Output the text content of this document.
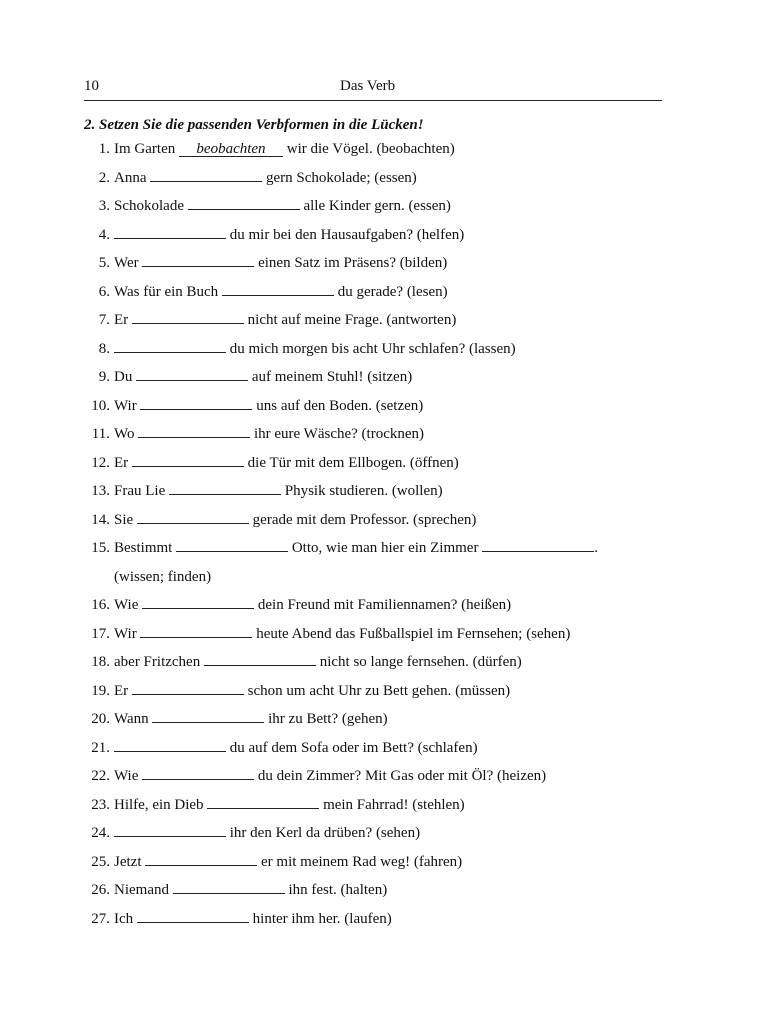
10	Das Verb
2. Setzen Sie die passenden Verbformen in die Lücken!
1. Im Garten beobachten wir die Vögel. (beobachten)
2. Anna	gern Schokolade; (essen)
3. Schokolade	alle Kinder gern. (essen)
4.	du mir bei den Hausaufgaben? (helfen)
5. Wer	einen Satz im Präsens? (bilden)
6. Was für ein Buch	du gerade? (lesen)
7. Er	nicht auf meine Frage. (antworten)
8.	du mich morgen bis acht Uhr schlafen? (lassen)
9. Du	auf meinem Stuhl! (sitzen)
10. Wir	uns auf den Boden. (setzen)
11. Wo	ihr eure Wäsche? (trocknen)
12. Er	die Tür mit dem Ellbogen. (öffnen)
13. Frau Lie	Physik studieren. (wollen)
14. Sie	gerade mit dem Professor. (sprechen)
15. Bestimmt	Otto, wie man hier ein Zimmer	.
(wissen; finden)
16. Wie	dein Freund mit Familiennamen? (heißen)
17. Wir	heute Abend das Fußballspiel im Fernsehen; (sehen)
18. aber Fritzchen	nicht so lange fernsehen. (dürfen)
19. Er	schon um acht Uhr zu Bett gehen. (müssen)
20. Wann	ihr zu Bett? (gehen)
21.	du auf dem Sofa oder im Bett? (schlafen)
22. Wie	du dein Zimmer? Mit Gas oder mit Öl? (heizen)
23. Hilfe, ein Dieb	mein Fahrrad! (stehlen)
24.	ihr den Kerl da drüben? (sehen)
25. Jetzt	er mit meinem Rad weg! (fahren)
26. Niemand	ihn fest. (halten)
27. Ich	hinter ihm her. (laufen)
